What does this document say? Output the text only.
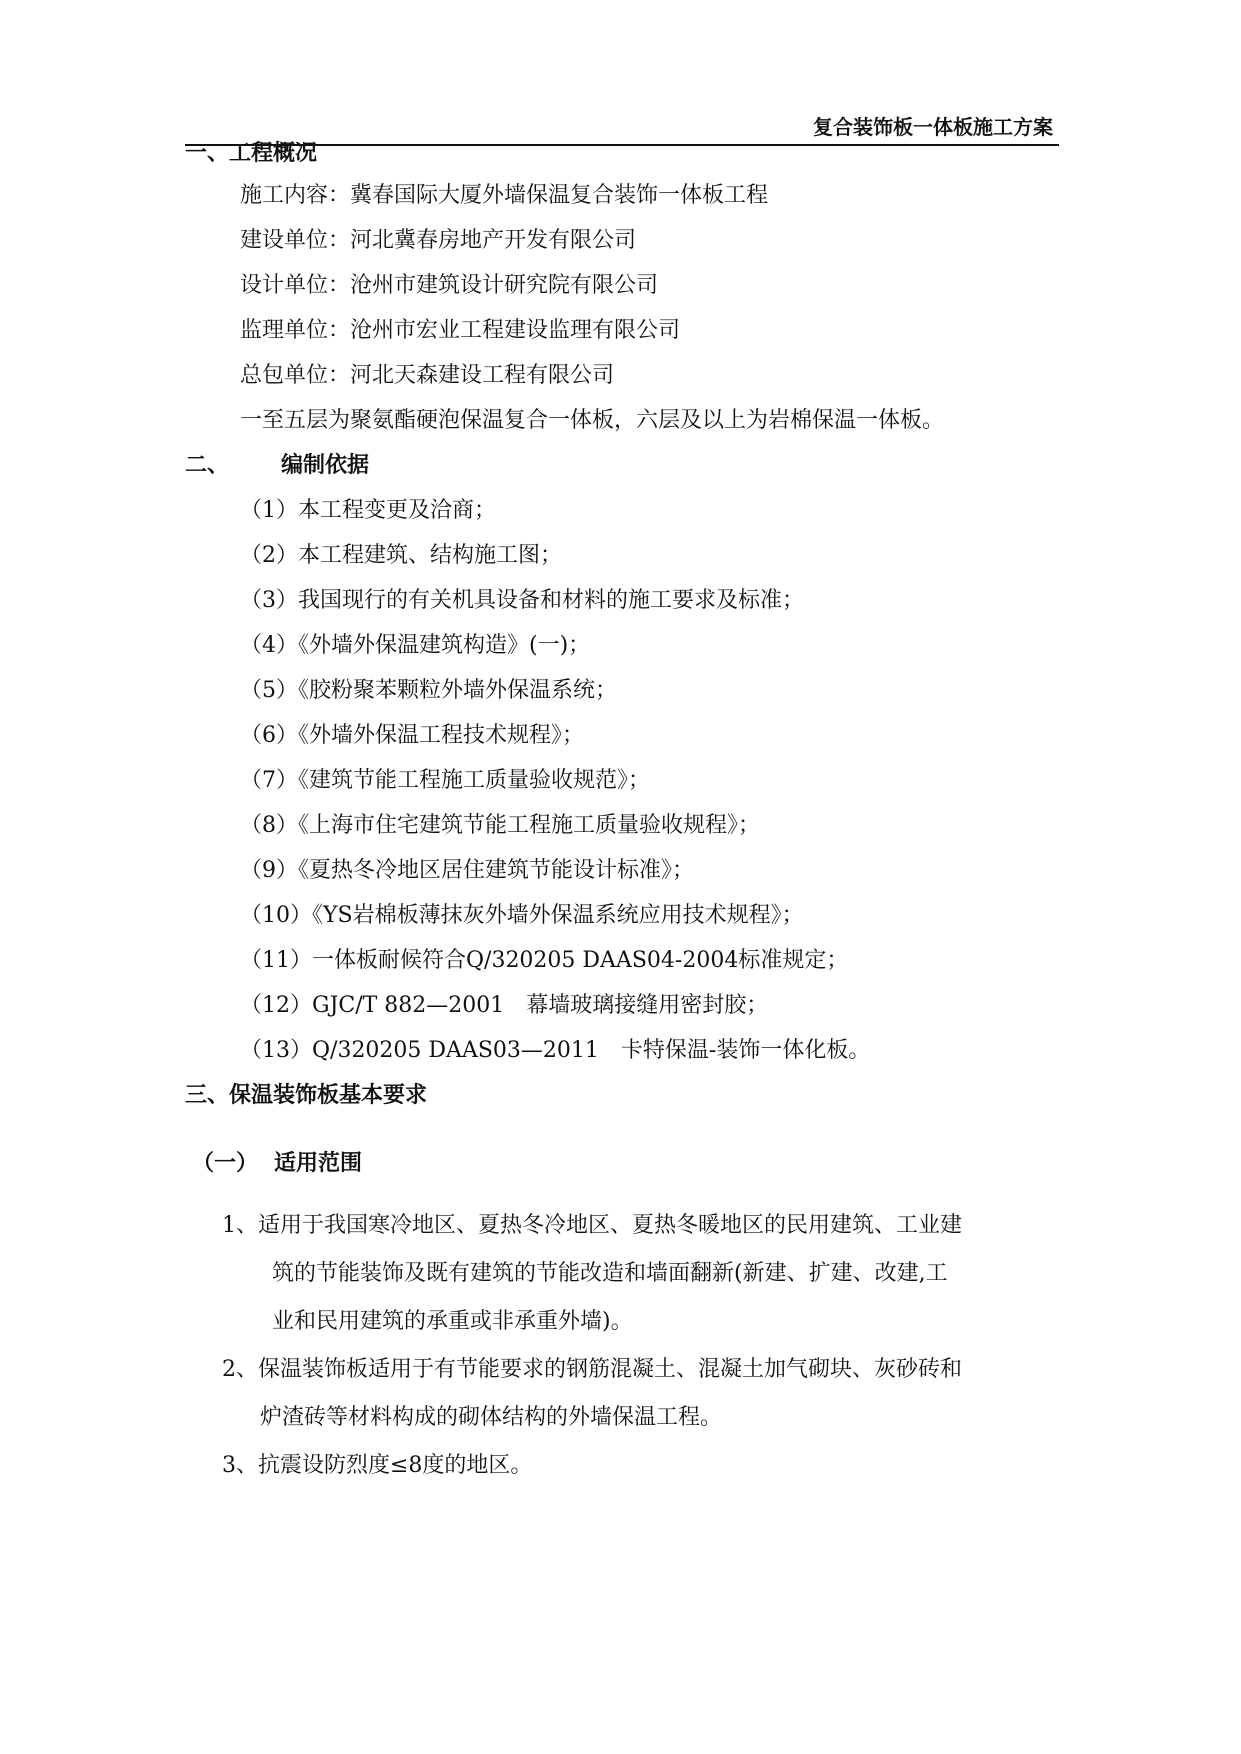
复合装饰板一体板施工方案
一、工程概况
施工内容：冀春国际大厦外墙保温复合装饰一体板工程
建设单位：河北冀春房地产开发有限公司
设计单位：沧州市建筑设计研究院有限公司
监理单位：沧州市宏业工程建设监理有限公司
总包单位：河北天森建设工程有限公司
一至五层为聚氨酯硬泡保温复合一体板，六层及以上为岩棉保温一体板。
二、 编制依据
（1）本工程变更及洽商；
（2）本工程建筑、结构施工图；
（3）我国现行的有关机具设备和材料的施工要求及标准；
（4）《外墙外保温建筑构造》(一)；
（5）《胶粉聚苯颗粒外墙外保温系统；
（6）《外墙外保温工程技术规程》；
（7）《建筑节能工程施工质量验收规范》；
（8）《上海市住宅建筑节能工程施工质量验收规程》；
（9）《夏热冬冷地区居住建筑节能设计标准》；
（10）《YS岩棉板薄抹灰外墙外保温系统应用技术规程》；
（11）一体板耐候符合Q/320205 DAAS04-2004标准规定；
（12）GJC/T 882—2001　幕墙玻璃接缝用密封胶；
（13）Q/320205 DAAS03—2011　卡特保温-装饰一体化板。
三、保温装饰板基本要求
（一） 适用范围
1、适用于我国寒冷地区、夏热冬冷地区、夏热冬暖地区的民用建筑、工业建
筑的节能装饰及既有建筑的节能改造和墙面翻新(新建、扩建、改建,工
业和民用建筑的承重或非承重外墙)。
2、保温装饰板适用于有节能要求的钢筋混凝土、混凝土加气砌块、灰砂砖和
炉渣砖等材料构成的砌体结构的外墙保温工程。
3、抗震设防烈度≤8度的地区。
